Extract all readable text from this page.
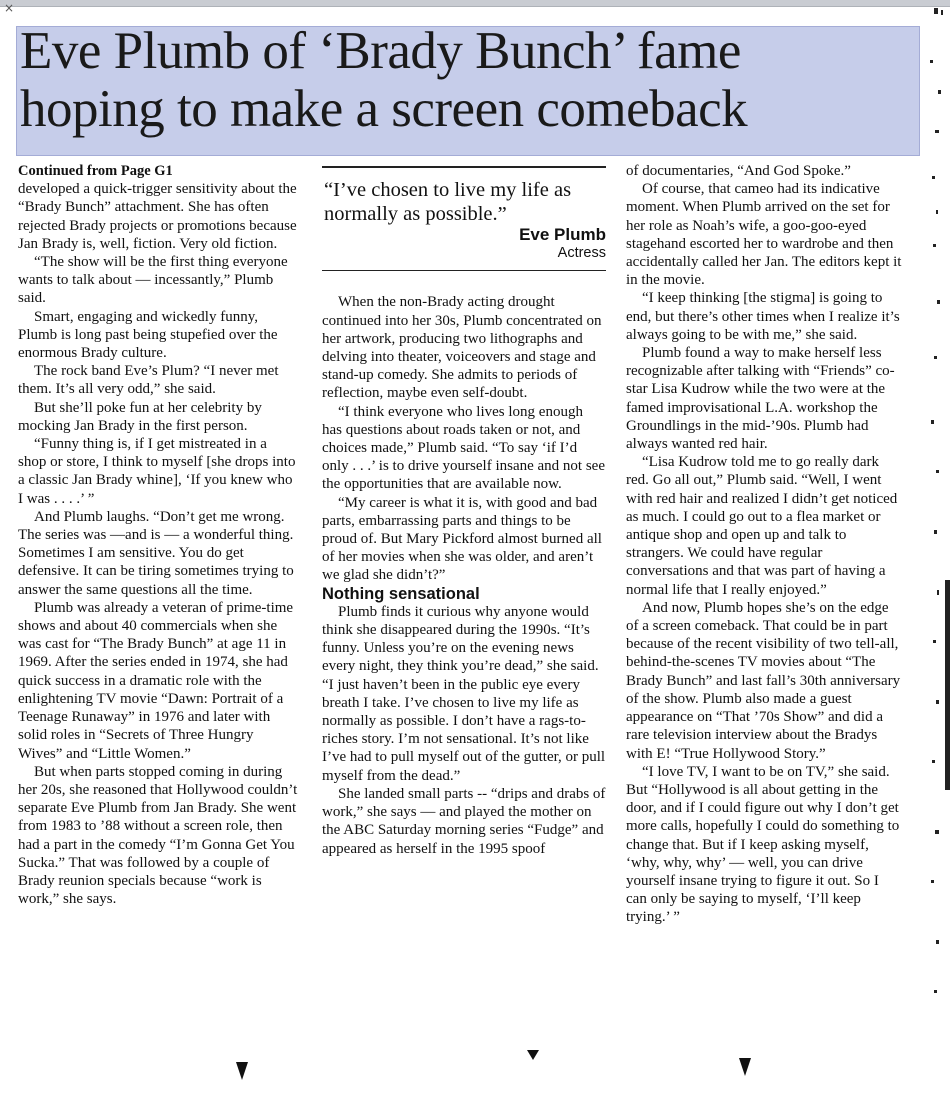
×
Eve Plumb of ‘Brady Bunch’ fame
hoping to make a screen comeback

Continued from Page G1

developed a quick-trigger sensitivity about the “Brady Bunch” attachment. She has often rejected Brady projects or promotions because Jan Brady is, well, fiction. Very old fiction.

“The show will be the first thing everyone wants to talk about — incessantly,” Plumb said.

Smart, engaging and wickedly funny, Plumb is long past being stupefied over the enormous Brady culture.

The rock band Eve’s Plum? “I never met them. It’s all very odd,” she said.

But she’ll poke fun at her celebrity by mocking Jan Brady in the first person.

“Funny thing is, if I get mistreated in a shop or store, I think to myself [she drops into a classic Jan Brady whine], ‘If you knew who I was . . . .’ ”

And Plumb laughs. “Don’t get me wrong. The series was —and is — a wonderful thing. Sometimes I am sensitive. You do get defensive. It can be tiring sometimes trying to answer the same questions all the time.

Plumb was already a veteran of prime-time shows and about 40 commercials when she was cast for “The Brady Bunch” at age 11 in 1969. After the series ended in 1974, she had quick success in a dramatic role with the enlightening TV movie “Dawn: Portrait of a Teenage Runaway” in 1976 and later with solid roles in “Secrets of Three Hungry Wives” and “Little Women.”

But when parts stopped coming in during her 20s, she reasoned that Hollywood couldn’t separate Eve Plumb from Jan Brady. She went from 1983 to ’88 without a screen role, then had a part in the comedy “I’m Gonna Get You Sucka.” That was followed by a couple of Brady reunion specials because “work is work,” she says.

“I’ve chosen to live my life as normally as possible.”

Eve Plumb

Actress

When the non-Brady acting drought continued into her 30s, Plumb concentrated on her artwork, producing two lithographs and delving into theater, voiceovers and stage and stand-up comedy. She admits to periods of reflection, maybe even self-doubt.

“I think everyone who lives long enough has questions about roads taken or not, and choices made,” Plumb said. “To say ‘if I’d only . . .’ is to drive yourself insane and not see the opportunities that are available now.

“My career is what it is, with good and bad parts, embarrassing parts and things to be proud of. But Mary Pickford almost burned all of her movies when she was older, and aren’t we glad she didn’t?”

Nothing sensational

Plumb finds it curious why anyone would think she disappeared during the 1990s. “It’s funny. Unless you’re on the evening news every night, they think you’re dead,” she said. “I just haven’t been in the public eye every breath I take. I’ve chosen to live my life as normally as possible. I don’t have a rags-to-riches story. I’m not sensational. It’s not like I’ve had to pull myself out of the gutter, or pull myself from the dead.”

She landed small parts -- “drips and drabs of work,” she says — and played the mother on the ABC Saturday morning series “Fudge” and appeared as herself in the 1995 spoof

of documentaries, “And God Spoke.”

Of course, that cameo had its indicative moment. When Plumb arrived on the set for her role as Noah’s wife, a goo-goo-eyed stagehand escorted her to wardrobe and then accidentally called her Jan. The editors kept it in the movie.

“I keep thinking [the stigma] is going to end, but there’s other times when I realize it’s always going to be with me,” she said.

Plumb found a way to make herself less recognizable after talking with “Friends” co-star Lisa Kudrow while the two were at the famed improvisational L.A. workshop the Groundlings in the mid-’90s. Plumb had always wanted red hair.

“Lisa Kudrow told me to go really dark red. Go all out,” Plumb said. “Well, I went with red hair and realized I didn’t get noticed as much. I could go out to a flea market or antique shop and open up and talk to strangers. We could have regular conversations and that was part of having a normal life that I really enjoyed.”

And now, Plumb hopes she’s on the edge of a screen comeback. That could be in part because of the recent visibility of two tell-all, behind-the-scenes TV movies about “The Brady Bunch” and last fall’s 30th anniversary of the show. Plumb also made a guest appearance on “That ’70s Show” and did a rare television interview about the Bradys with E! “True Hollywood Story.”

“I love TV, I want to be on TV,” she said. But “Hollywood is all about getting in the door, and if I could figure out why I don’t get more calls, hopefully I could do something to change that. But if I keep asking myself, ‘why, why, why’ — well, you can drive yourself insane trying to figure it out. So I can only be saying to myself, ‘I’ll keep trying.’ ”
